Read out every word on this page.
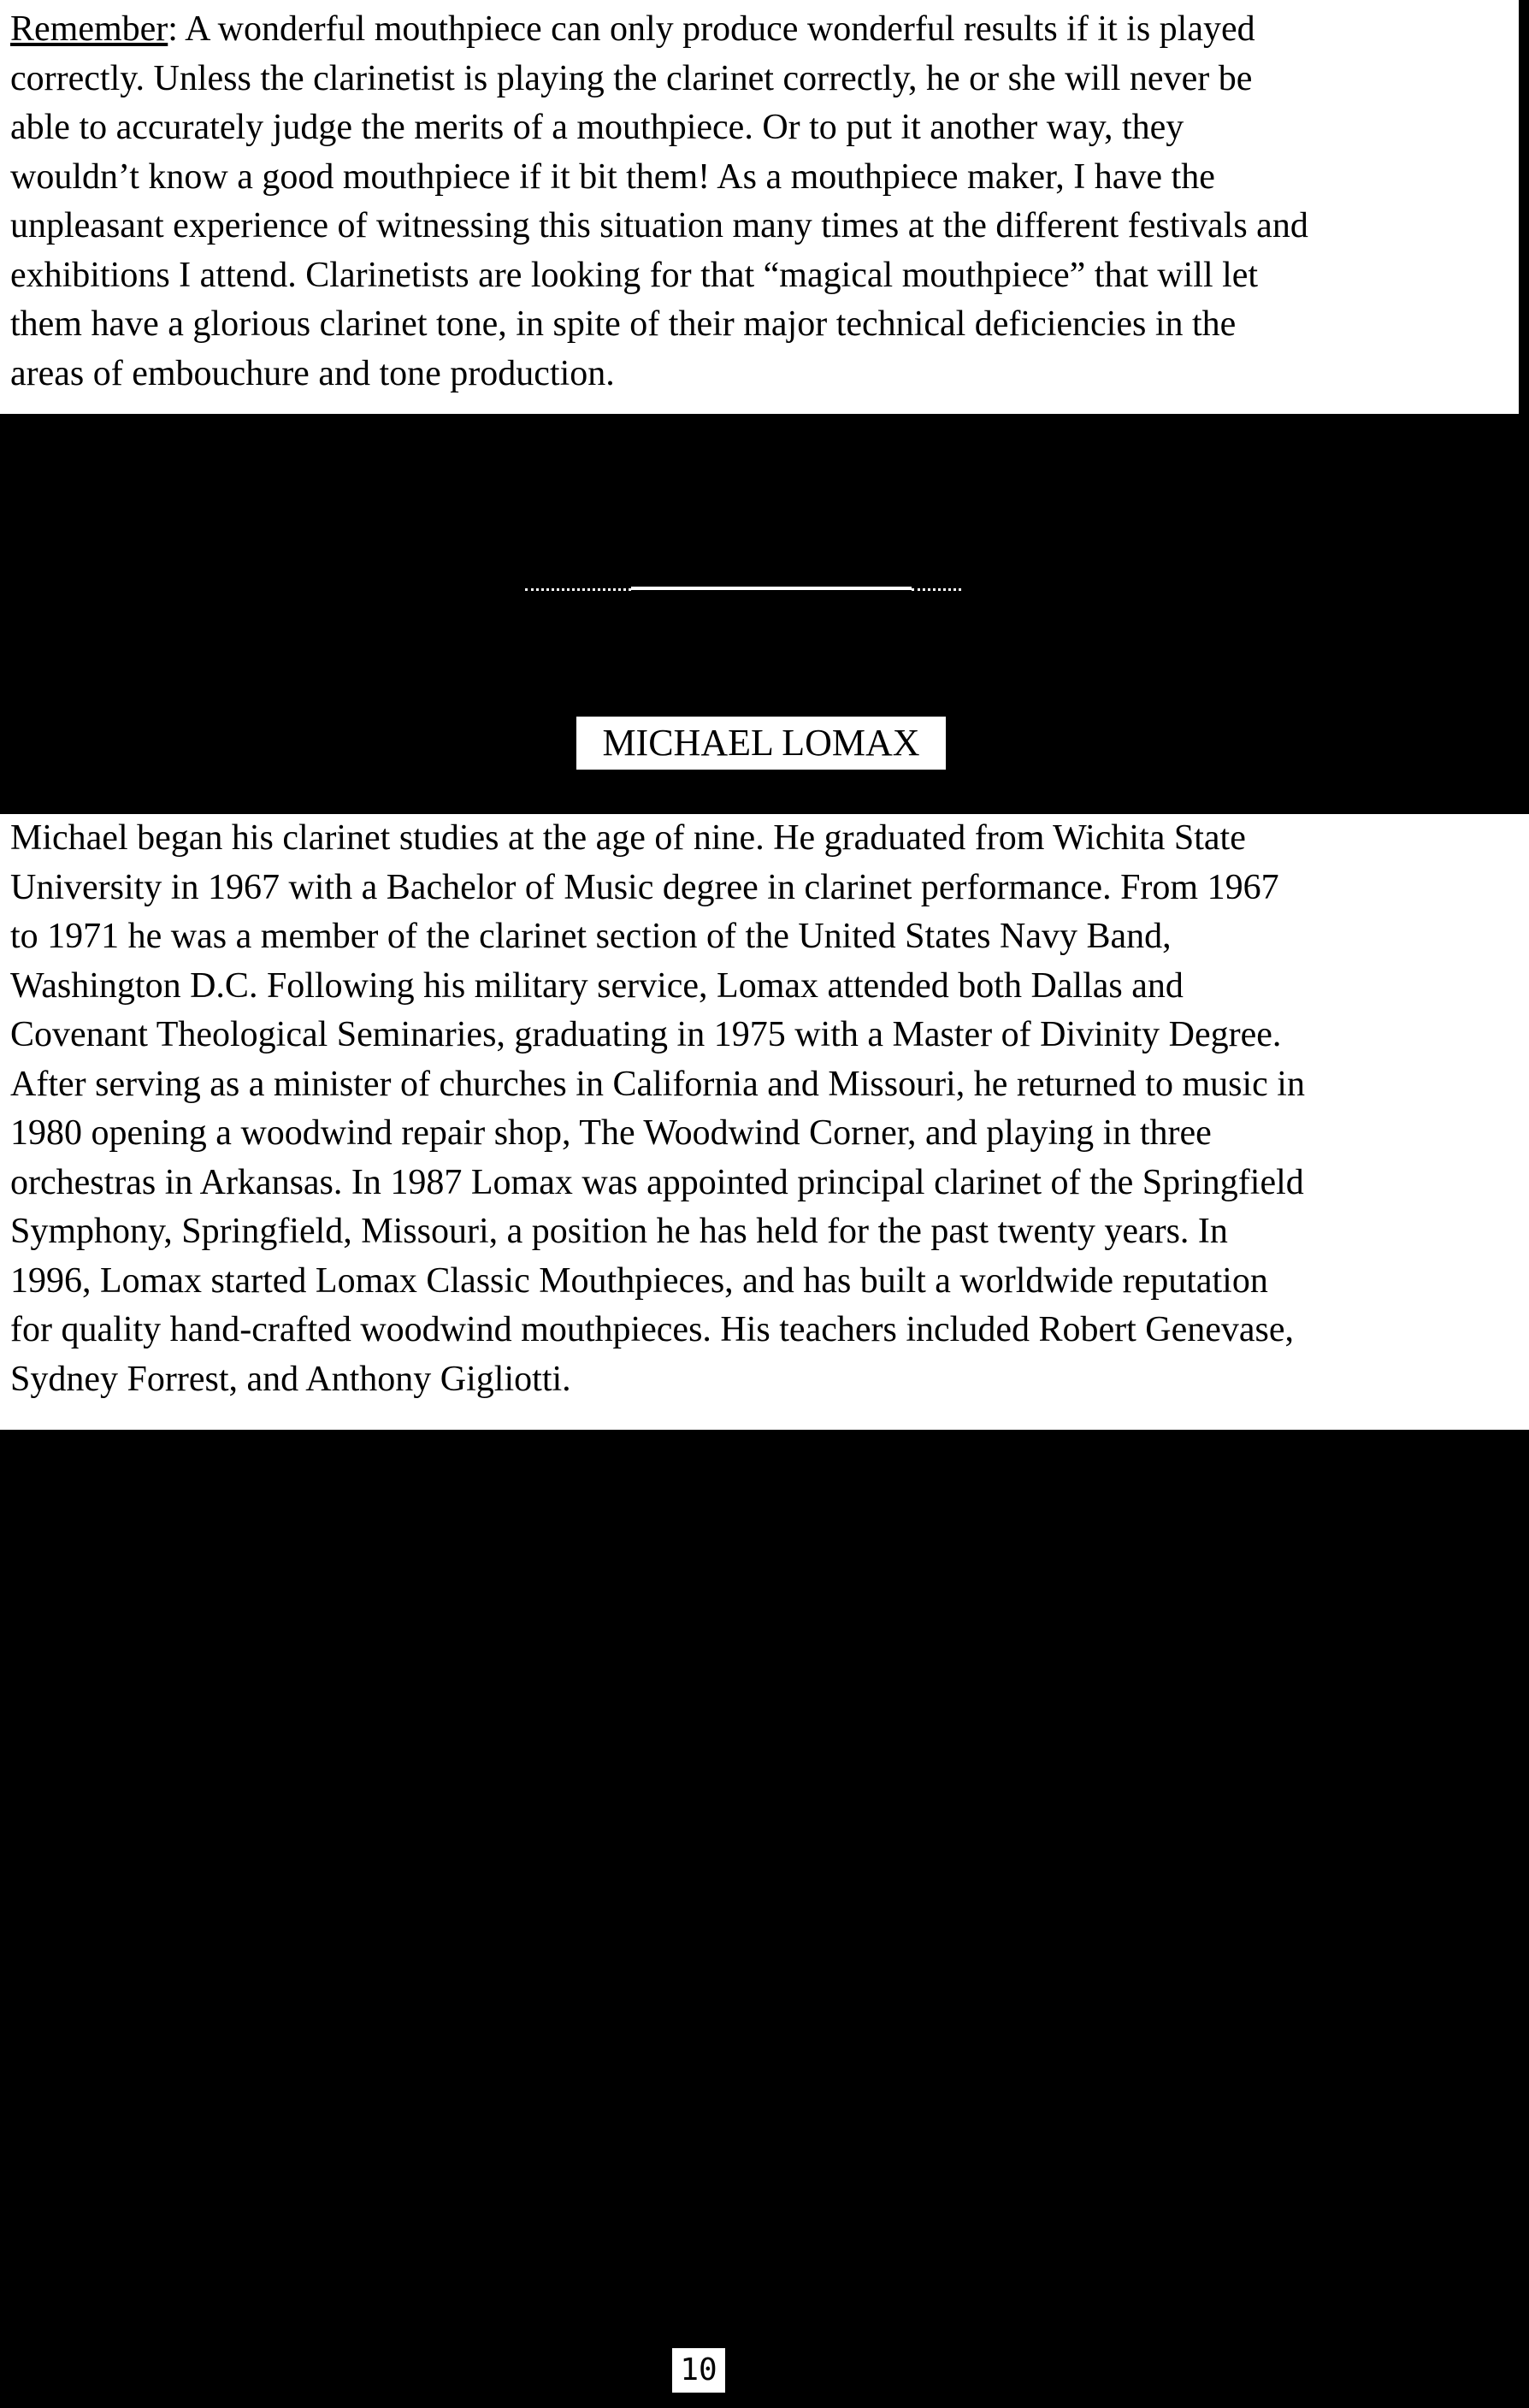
Remember: A wonderful mouthpiece can only produce wonderful results if it is played
correctly. Unless the clarinetist is playing the clarinet correctly, he or she will never be
able to accurately judge the merits of a mouthpiece. Or to put it another way, they
wouldn’t know a good mouthpiece if it bit them! As a mouthpiece maker, I have the
unpleasant experience of witnessing this situation many times at the different festivals and
exhibitions I attend. Clarinetists are looking for that “magical mouthpiece” that will let
them have a glorious clarinet tone, in spite of their major technical deficiencies in the
areas of embouchure and tone production.
MICHAEL LOMAX
Michael began his clarinet studies at the age of nine. He graduated from Wichita State
University in 1967 with a Bachelor of Music degree in clarinet performance. From 1967
to 1971 he was a member of the clarinet section of the United States Navy Band,
Washington D.C. Following his military service, Lomax attended both Dallas and
Covenant Theological Seminaries, graduating in 1975 with a Master of Divinity Degree.
After serving as a minister of churches in California and Missouri, he returned to music in
1980 opening a woodwind repair shop, The Woodwind Corner, and playing in three
orchestras in Arkansas. In 1987 Lomax was appointed principal clarinet of the Springfield
Symphony, Springfield, Missouri, a position he has held for the past twenty years. In
1996, Lomax started Lomax Classic Mouthpieces, and has built a worldwide reputation
for quality hand-crafted woodwind mouthpieces. His teachers included Robert Genevase,
Sydney Forrest, and Anthony Gigliotti.
10
